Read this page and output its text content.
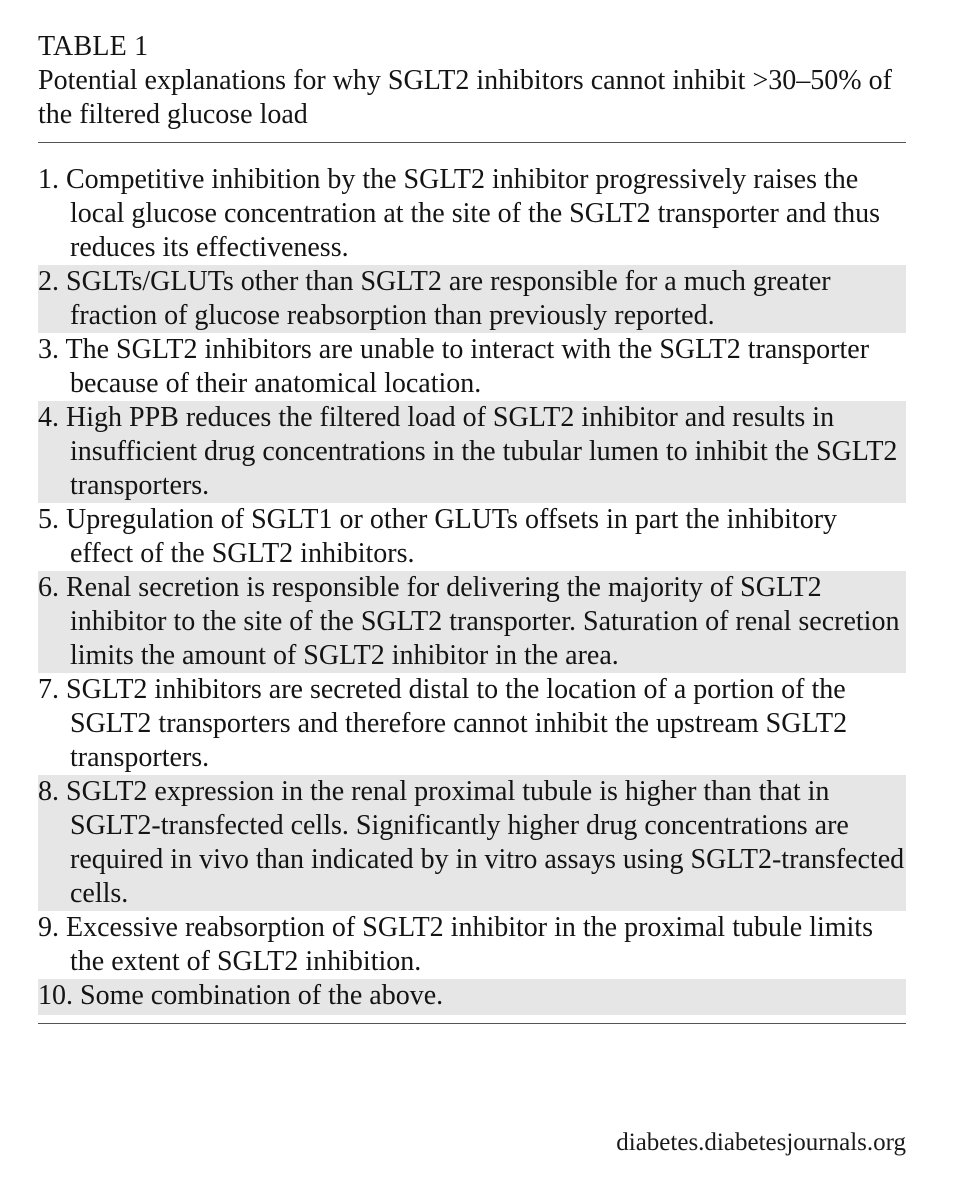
TABLE 1
Potential explanations for why SGLT2 inhibitors cannot inhibit >30–50% of the filtered glucose load
1. Competitive inhibition by the SGLT2 inhibitor progressively raises the local glucose concentration at the site of the SGLT2 transporter and thus reduces its effectiveness.
2. SGLTs/GLUTs other than SGLT2 are responsible for a much greater fraction of glucose reabsorption than previously reported.
3. The SGLT2 inhibitors are unable to interact with the SGLT2 transporter because of their anatomical location.
4. High PPB reduces the filtered load of SGLT2 inhibitor and results in insufficient drug concentrations in the tubular lumen to inhibit the SGLT2 transporters.
5. Upregulation of SGLT1 or other GLUTs offsets in part the inhibitory effect of the SGLT2 inhibitors.
6. Renal secretion is responsible for delivering the majority of SGLT2 inhibitor to the site of the SGLT2 transporter. Saturation of renal secretion limits the amount of SGLT2 inhibitor in the area.
7. SGLT2 inhibitors are secreted distal to the location of a portion of the SGLT2 transporters and therefore cannot inhibit the upstream SGLT2 transporters.
8. SGLT2 expression in the renal proximal tubule is higher than that in SGLT2-transfected cells. Significantly higher drug concentrations are required in vivo than indicated by in vitro assays using SGLT2-transfected cells.
9. Excessive reabsorption of SGLT2 inhibitor in the proximal tubule limits the extent of SGLT2 inhibition.
10. Some combination of the above.
diabetes.diabetesjournals.org
